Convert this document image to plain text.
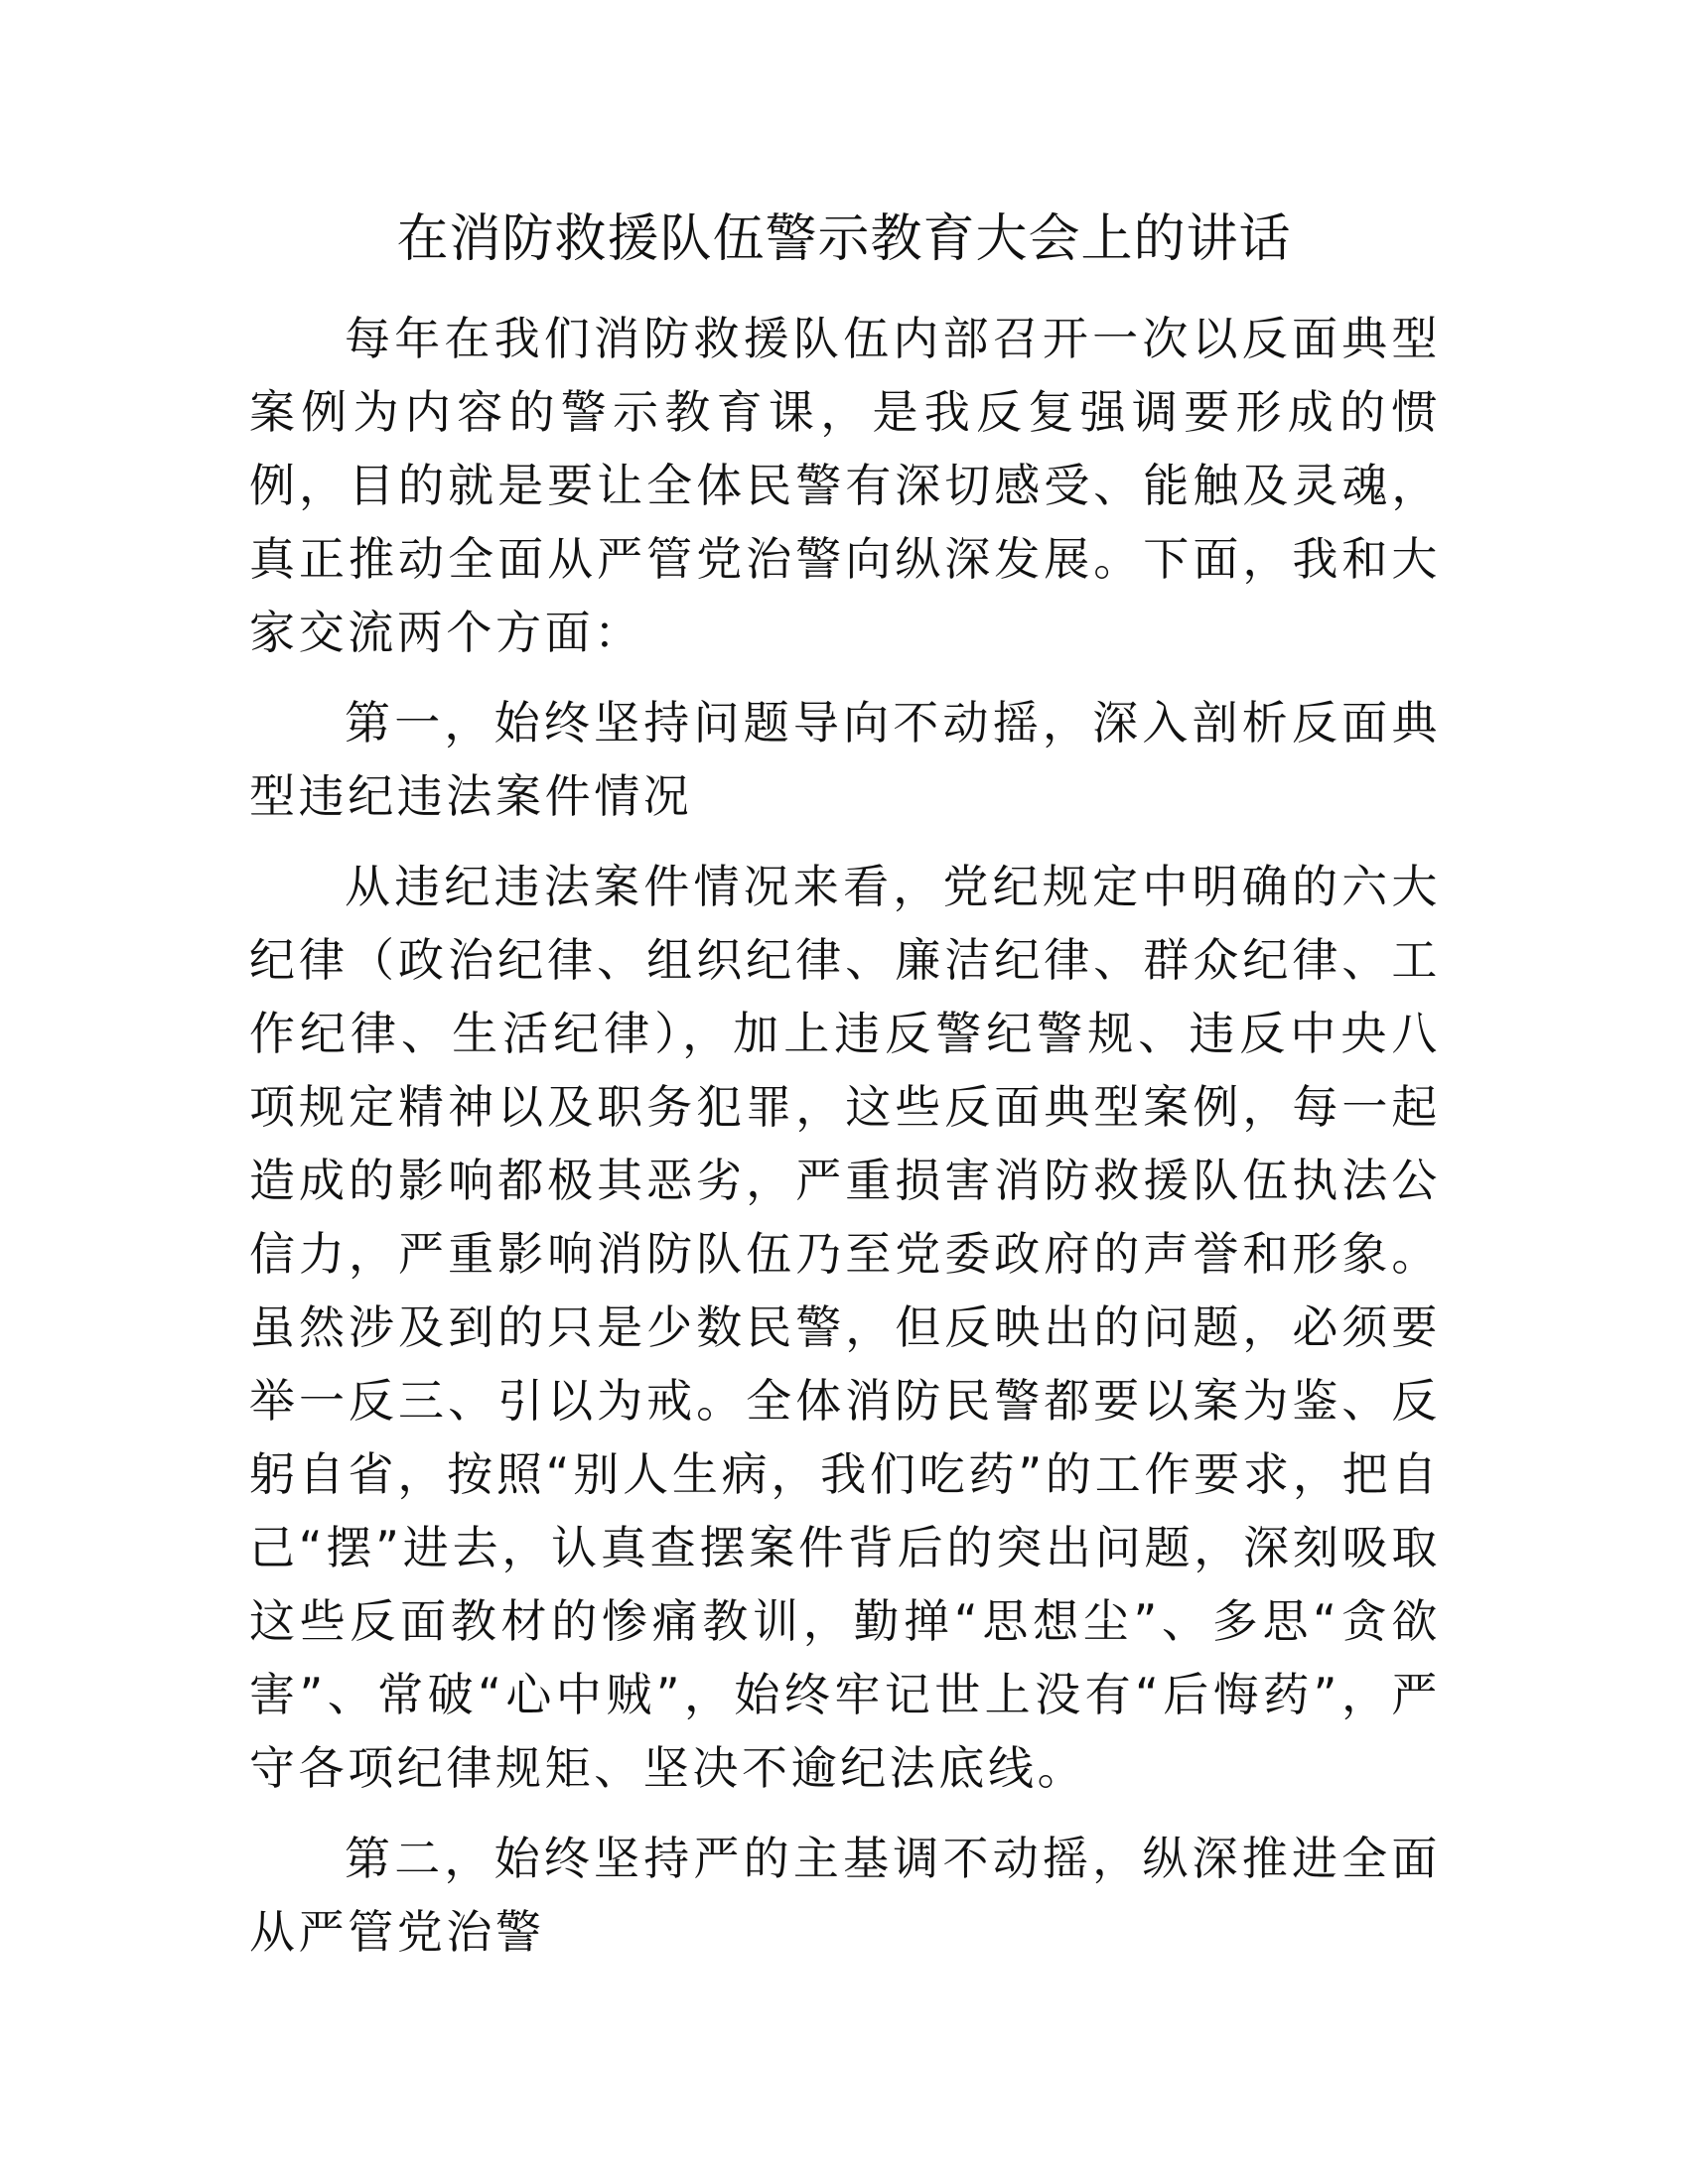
在消防救援队伍警示教育大会上的讲话

每年在我们消防救援队伍内部召开一次以反面典型案例为内容的警示教育课，是我反复强调要形成的惯例，目的就是要让全体民警有深切感受、能触及灵魂，真正推动全面从严管党治警向纵深发展。下面，我和大家交流两个方面：

第一，始终坚持问题导向不动摇，深入剖析反面典型违纪违法案件情况

从违纪违法案件情况来看，党纪规定中明确的六大纪律（政治纪律、组织纪律、廉洁纪律、群众纪律、工作纪律、生活纪律），加上违反警纪警规、违反中央八项规定精神以及职务犯罪，这些反面典型案例，每一起造成的影响都极其恶劣，严重损害消防救援队伍执法公信力，严重影响消防队伍乃至党委政府的声誉和形象。虽然涉及到的只是少数民警，但反映出的问题，必须要举一反三、引以为戒。全体消防民警都要以案为鉴、反躬自省，按照“别人生病，我们吃药”的工作要求，把自己“摆”进去，认真查摆案件背后的突出问题，深刻吸取这些反面教材的惨痛教训，勤掸“思想尘”、多思“贪欲害”、常破“心中贼”，始终牢记世上没有“后悔药”，严守各项纪律规矩、坚决不逾纪法底线。

第二，始终坚持严的主基调不动摇，纵深推进全面从严管党治警
